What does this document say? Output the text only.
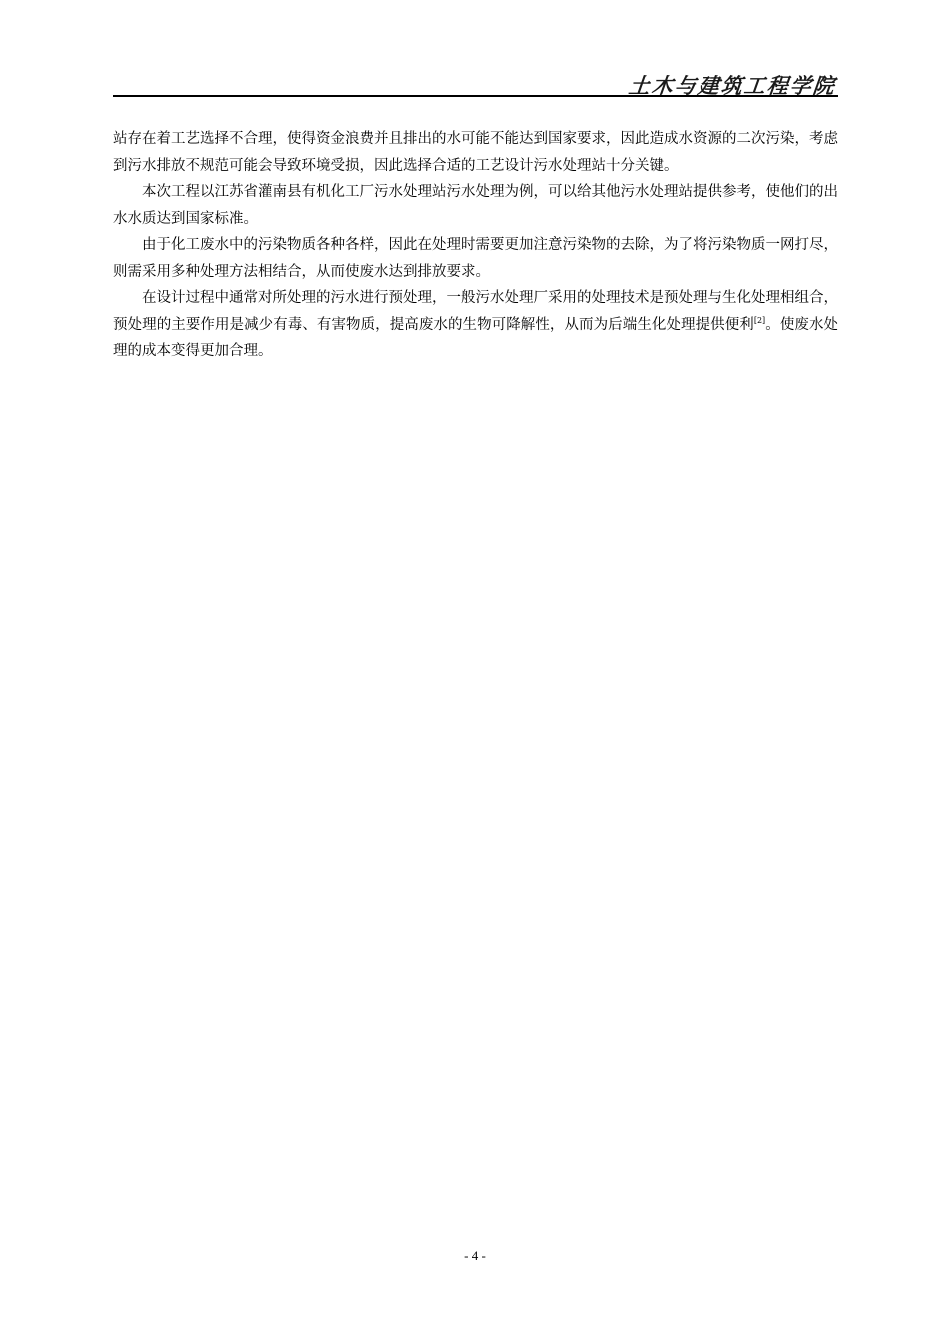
土木与建筑工程学院

站存在着工艺选择不合理，使得资金浪费并且排出的水可能不能达到国家要求，因此造成水资源的二次污染，考虑到污水排放不规范可能会导致环境受损，因此选择合适的工艺设计污水处理站十分关键。

本次工程以江苏省灌南县有机化工厂污水处理站污水处理为例，可以给其他污水处理站提供参考，使他们的出水水质达到国家标准。

由于化工废水中的污染物质各种各样，因此在处理时需要更加注意污染物的去除，为了将污染物质一网打尽，则需采用多种处理方法相结合，从而使废水达到排放要求。

在设计过程中通常对所处理的污水进行预处理，一般污水处理厂采用的处理技术是预处理与生化处理相组合，预处理的主要作用是减少有毒、有害物质，提高废水的生物可降解性，从而为后端生化处理提供便利[2]。使废水处理的成本变得更加合理。

- 4 -
